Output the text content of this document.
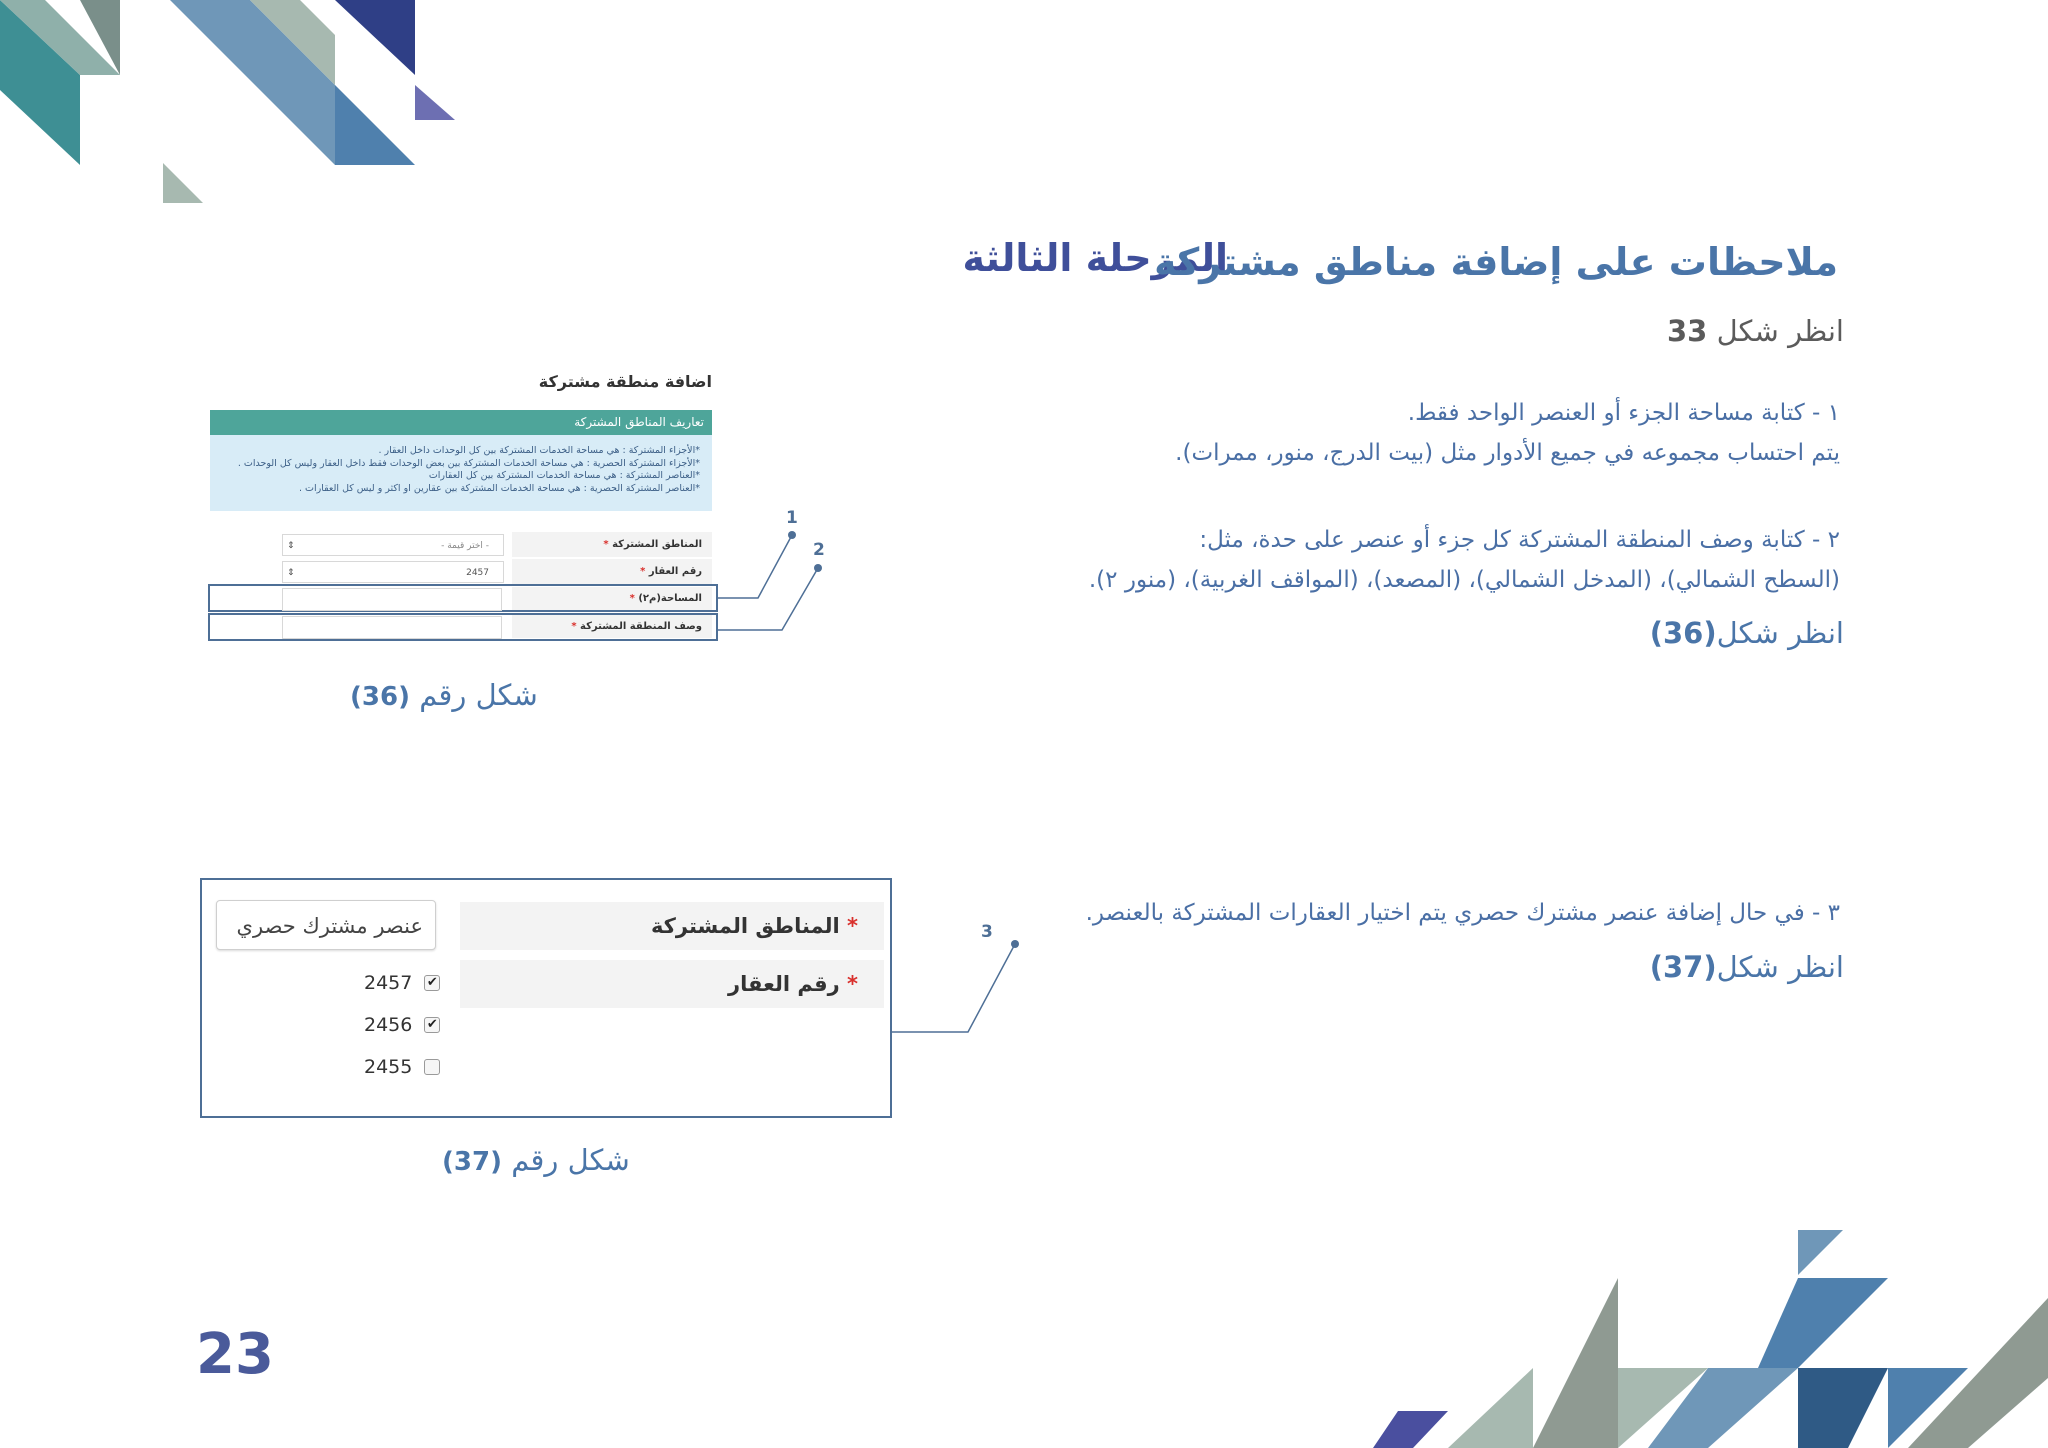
المرحلة الثالثة
ملاحظات على إضافة مناطق مشتركة
انظر شكل 33
١ - كتابة مساحة الجزء أو العنصر الواحد فقط.
يتم احتساب مجموعه في جميع الأدوار مثل (بيت الدرج، منور، ممرات).
٢ - كتابة وصف المنطقة المشتركة كل جزء أو عنصر على حدة، مثل:
(السطح الشمالي)، (المدخل الشمالي)، (المصعد)، (المواقف الغربية)، (منور ٢).
انظر شكل(36)
٣ - في حال إضافة عنصر مشترك حصري يتم اختيار العقارات المشتركة بالعنصر.
انظر شكل(37)
اضافة منطقة مشتركة
تعاريف المناطق المشتركة
*الأجزاء المشتركة : هي مساحة الخدمات المشتركة بين كل الوحدات داخل العقار .
*الأجزاء المشتركة الحصرية : هي مساحة الخدمات المشتركة بين بعض الوحدات فقط داخل العقار وليس كل الوحدات .
*العناصر المشتركة : هي مساحة الخدمات المشتركة بين كل العقارات
*العناصر المشتركة الحصرية : هي مساحة الخدمات المشتركة بين عقارين او اكثر و ليس كل العقارات .
المناطق المشتركة *
- اختر قيمة -
⇕
رقم العقار *
2457
⇕
المساحة(م٢) *
وصف المنطقة المشتركة *
1
2
شكل رقم (36)
* المناطق المشتركة
* رقم العقار
عنصر مشترك حصري
2457 ✔
2456 ✔
2455
3
شكل رقم (37)
23
